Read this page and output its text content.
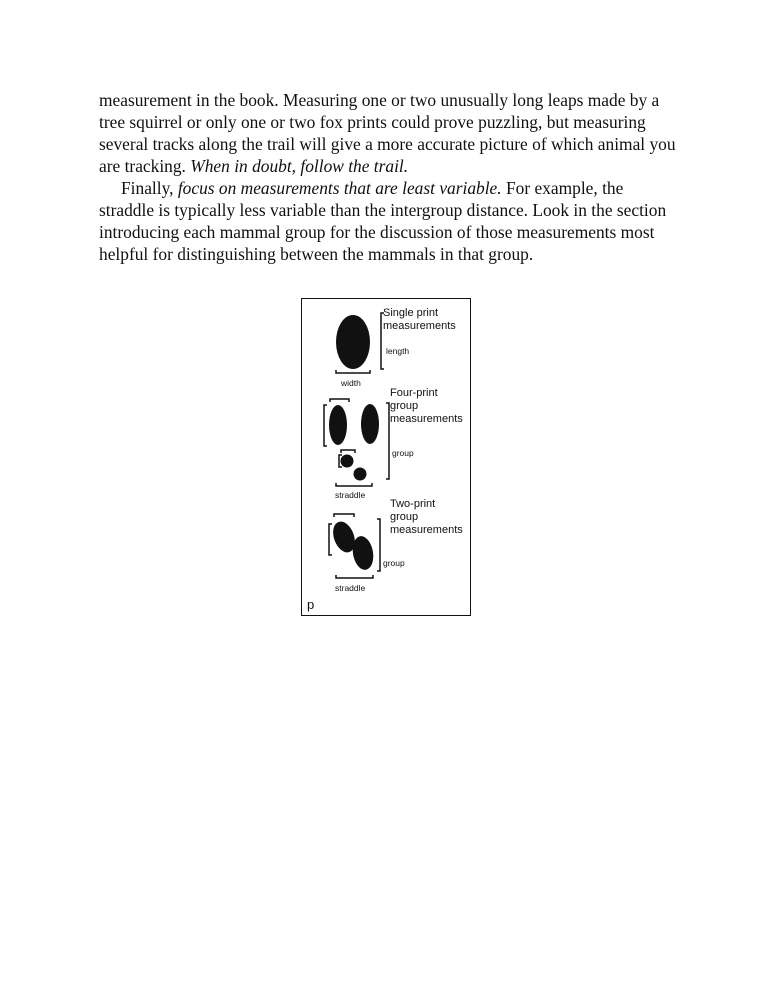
measurement in the book. Measuring one or two unusually long leaps made by a tree squirrel or only one or two fox prints could prove puzzling, but measuring several tracks along the trail will give a more accurate picture of which animal you are tracking. When in doubt, follow the trail.

Finally, focus on measurements that are least variable. For example, the straddle is typically less variable than the intergroup distance. Look in the section introducing each mammal group for the discussion of those measurements most helpful for distinguishing between the mammals in that group.

Single print
measurements
length
width
Four-print
group
measurements
group
straddle
Two-print
group
measurements
group
straddle
p
